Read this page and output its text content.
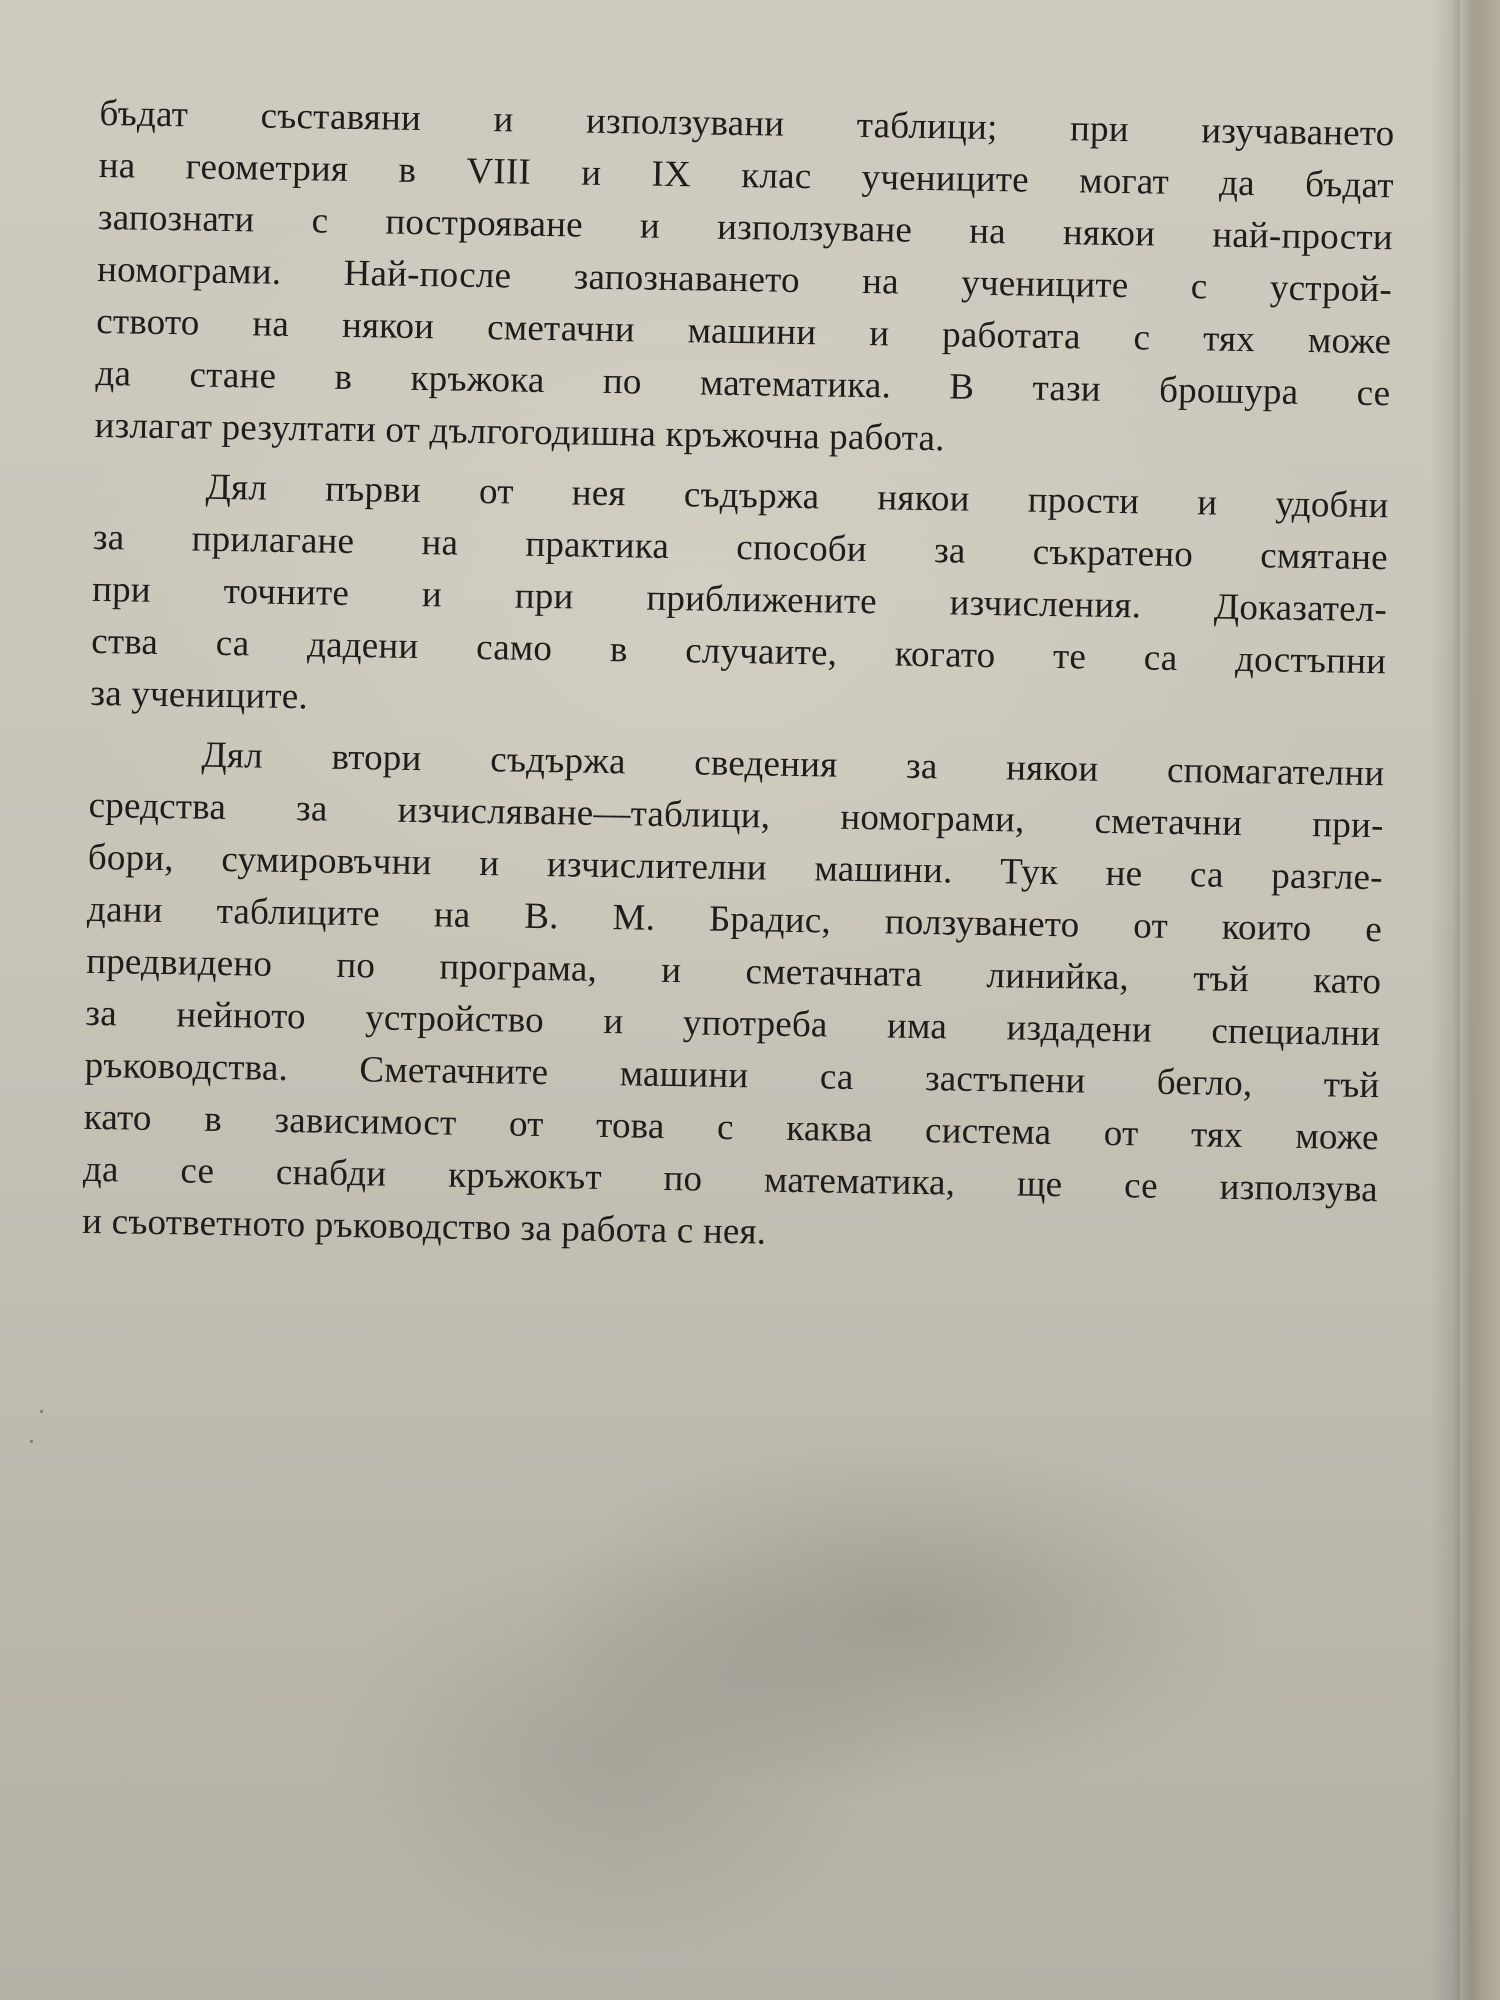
бъдат съставяни и използувани таблици; при изучаването
на геометрия в VIII и IX клас учениците могат да бъдат
запознати с построяване и използуване на някои най-прости
номограми. Най-после запознаването на учениците с устрой-
ството на някои сметачни машини и работата с тях може
да стане в кръжока по математика. В тази брошура се
излагат резултати от дългогодишна кръжочна работа.
Дял първи от нея съдържа някои прости и удобни
за прилагане на практика способи за съкратено смятане
при точните и при приближените изчисления. Доказател-
ства са дадени само в случаите, когато те са достъпни
за учениците.
Дял втори съдържа сведения за някои спомагателни
средства за изчисляване—таблици, номограми, сметачни при-
бори, сумировъчни и изчислителни машини. Тук не са разгле-
дани таблиците на В. М. Брадис, ползуването от които е
предвидено по програма, и сметачната линийка, тъй като
за нейното устройство и употреба има издадени специални
ръководства. Сметачните машини са застъпени бегло, тъй
като в зависимост от това с каква система от тях може
да се снабди кръжокът по математика, ще се използува
и съответното ръководство за работа с нея.
